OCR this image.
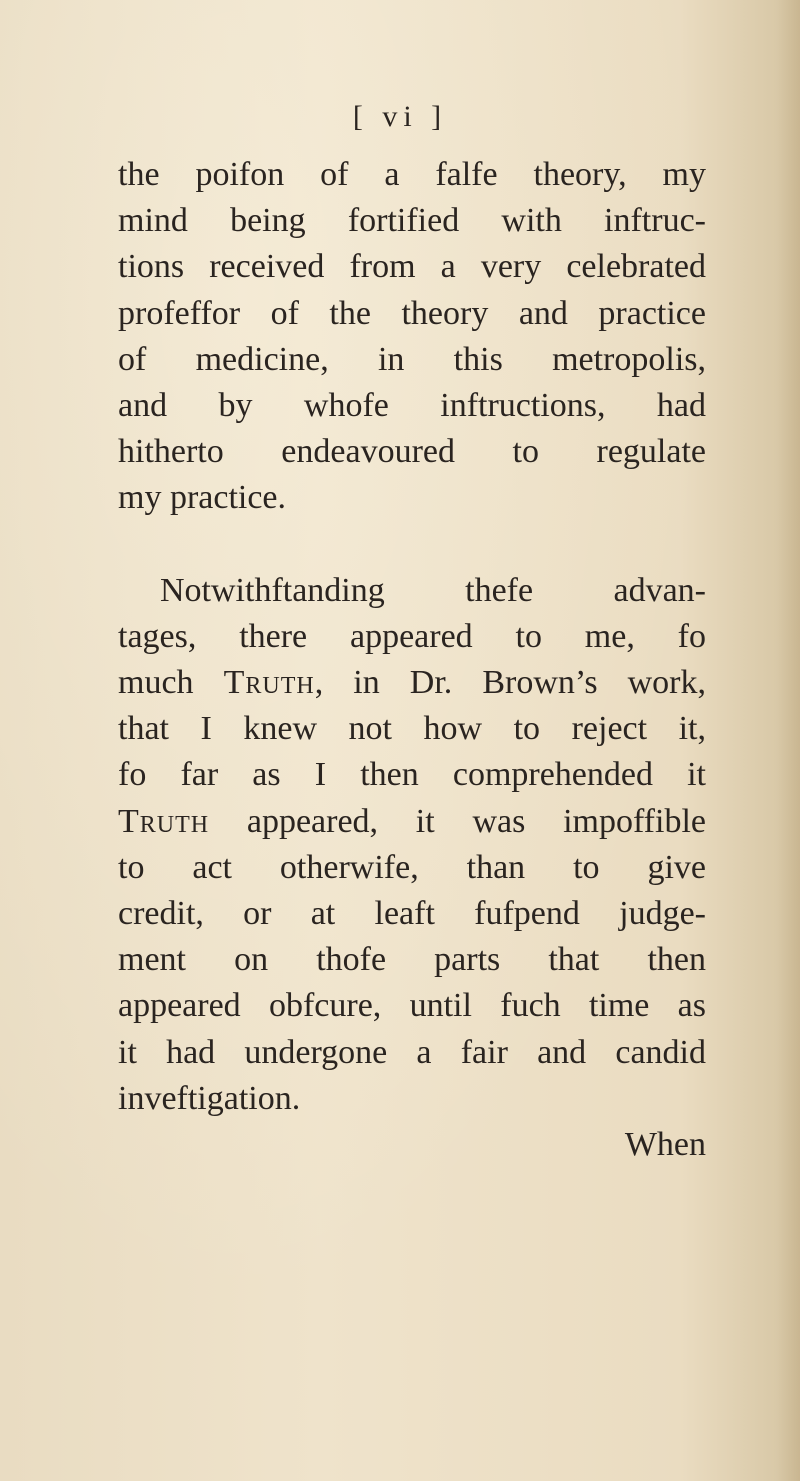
[ vi ]
the poifon of a falfe theory, my
mind being fortified with inftruc-
tions received from a very celebrated
profeffor of the theory and practice
of medicine, in this metropolis,
and by whofe inftructions, had
hitherto endeavoured to regulate
my practice.
Notwithftanding thefe advan-
tages, there appeared to me, fo
much Truth, in Dr. Brown’s work,
that I knew not how to reject it,
fo far as I then comprehended it
Truth appeared, it was impoffible
to act otherwife, than to give
credit, or at leaft fufpend judge-
ment on thofe parts that then
appeared obfcure, until fuch time as
it had undergone a fair and candid
inveftigation.
When
